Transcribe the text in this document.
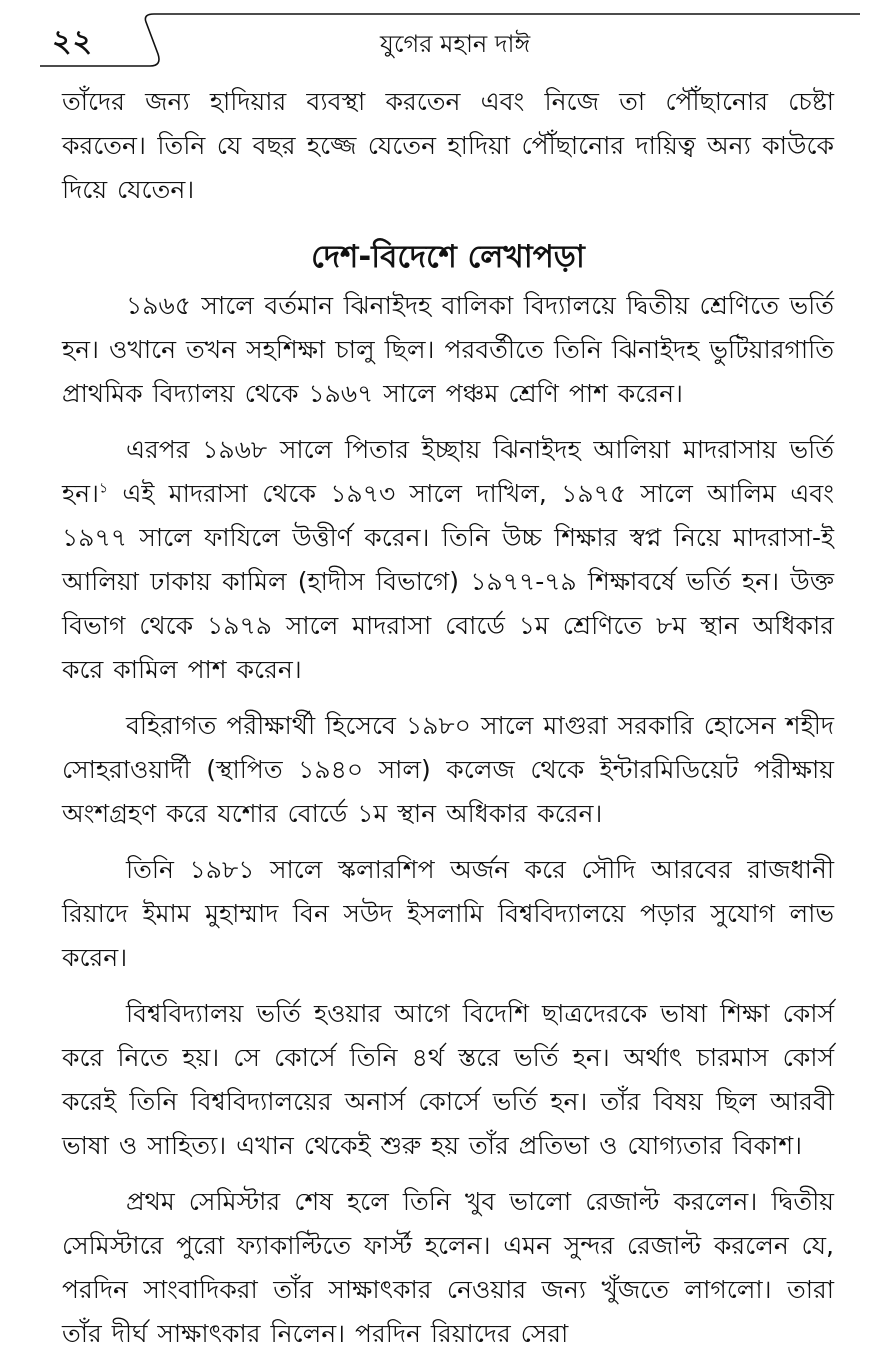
২২	যুগের মহান দাঈ

তাঁদের জন্য হাদিয়ার ব্যবস্থা করতেন এবং নিজে তা পৌঁছানোর চেষ্টা করতেন। তিনি যে বছর হজ্জে যেতেন হাদিয়া পৌঁছানোর দায়িত্ব অন্য কাউকে দিয়ে যেতেন।

দেশ-বিদেশে লেখাপড়া

১৯৬৫ সালে বর্তমান ঝিনাইদহ বালিকা বিদ্যালয়ে দ্বিতীয় শ্রেণিতে ভর্তি হন। ওখানে তখন সহশিক্ষা চালু ছিল। পরবর্তীতে তিনি ঝিনাইদহ ভুটিয়ারগাতি প্রাথমিক বিদ্যালয় থেকে ১৯৬৭ সালে পঞ্চম শ্রেণি পাশ করেন।

এরপর ১৯৬৮ সালে পিতার ইচ্ছায় ঝিনাইদহ আলিয়া মাদরাসায় ভর্তি হন।$^১$ এই মাদরাসা থেকে ১৯৭৩ সালে দাখিল, ১৯৭৫ সালে আলিম এবং ১৯৭৭ সালে ফাযিলে উত্তীর্ণ করেন। তিনি উচ্চ শিক্ষার স্বপ্ন নিয়ে মাদরাসা-ই আলিয়া ঢাকায় কামিল (হাদীস বিভাগে) ১৯৭৭-৭৯ শিক্ষাবর্ষে ভর্তি হন। উক্ত বিভাগ থেকে ১৯৭৯ সালে মাদরাসা বোর্ডে ১ম শ্রেণিতে ৮ম স্থান অধিকার করে কামিল পাশ করেন।

বহিরাগত পরীক্ষার্থী হিসেবে ১৯৮০ সালে মাগুরা সরকারি হোসেন শহীদ সোহরাওয়ার্দী (স্থাপিত ১৯৪০ সাল) কলেজ থেকে ইন্টারমিডিয়েট পরীক্ষায় অংশগ্রহণ করে যশোর বোর্ডে ১ম স্থান অধিকার করেন।

তিনি ১৯৮১ সালে স্কলারশিপ অর্জন করে সৌদি আরবের রাজধানী রিয়াদে ইমাম মুহাম্মাদ বিন সউদ ইসলামি বিশ্ববিদ্যালয়ে পড়ার সুযোগ লাভ করেন।

বিশ্ববিদ্যালয় ভর্তি হওয়ার আগে বিদেশি ছাত্রদেরকে ভাষা শিক্ষা কোর্স করে নিতে হয়। সে কোর্সে তিনি ৪র্থ স্তরে ভর্তি হন। অর্থাৎ চারমাস কোর্স করেই তিনি বিশ্ববিদ্যালয়ের অনার্স কোর্সে ভর্তি হন। তাঁর বিষয় ছিল আরবী ভাষা ও সাহিত্য। এখান থেকেই শুরু হয় তাঁর প্রতিভা ও যোগ্যতার বিকাশ।

প্রথম সেমিস্টার শেষ হলে তিনি খুব ভালো রেজাল্ট করলেন। দ্বিতীয় সেমিস্টারে পুরো ফ্যাকাল্টিতে ফার্স্ট হলেন। এমন সুন্দর রেজাল্ট করলেন যে, পরদিন সাংবাদিকরা তাঁর সাক্ষাৎকার নেওয়ার জন্য খুঁজতে লাগলো। তারা তাঁর দীর্ঘ সাক্ষাৎকার নিলেন। পরদিন রিয়াদের সেরা
